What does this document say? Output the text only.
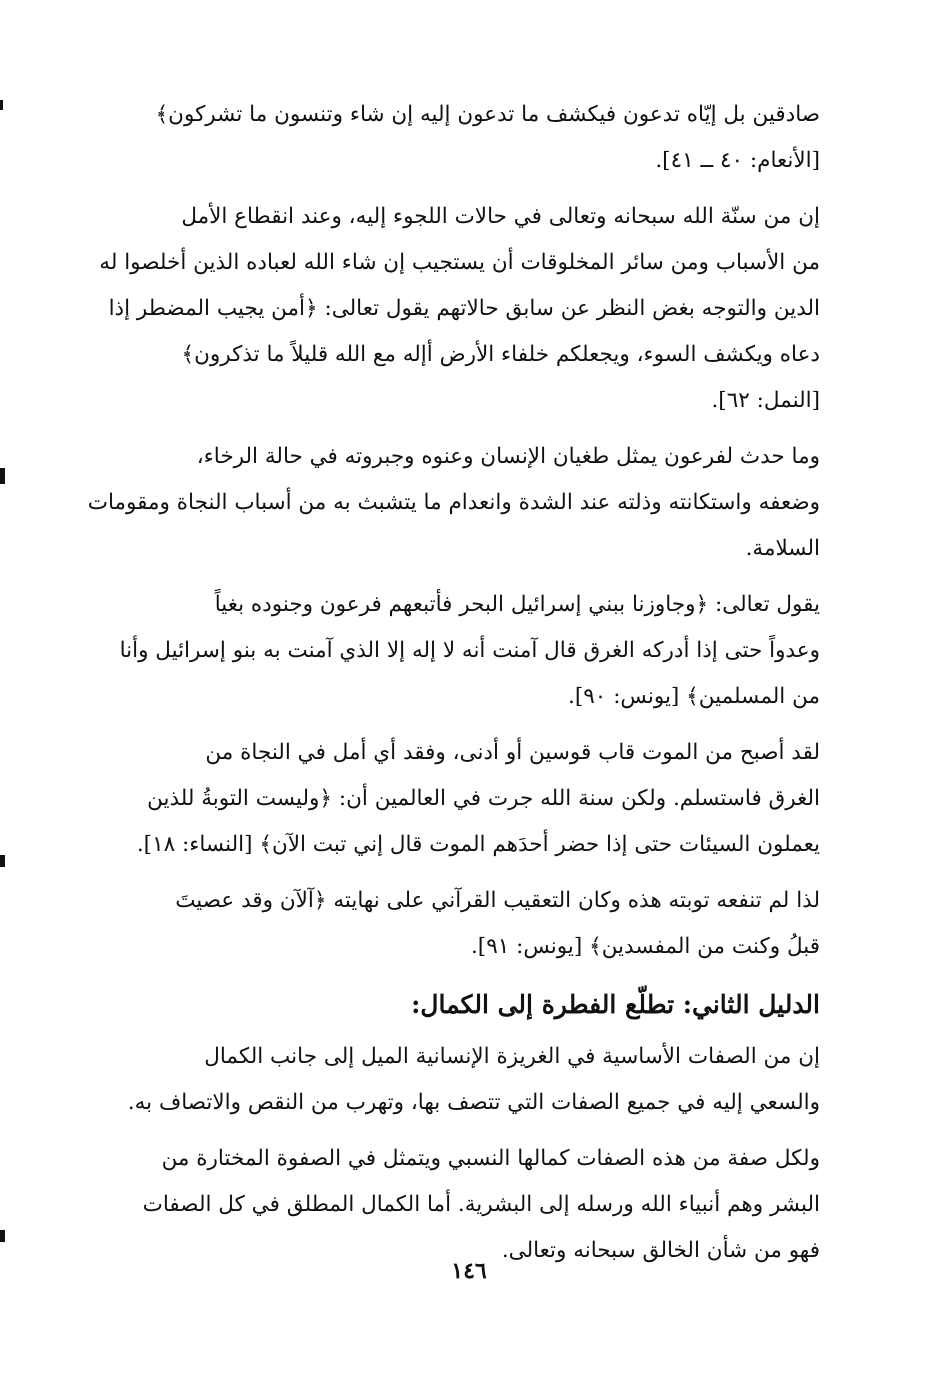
صادقين بل إيّاه تدعون فيكشف ما تدعون إليه إن شاء وتنسون ما تشركون﴾
[الأنعام: ٤٠ ــ ٤١].
إن من سنّة الله سبحانه وتعالى في حالات اللجوء إليه، وعند انقطاع الأمل
من الأسباب ومن سائر المخلوقات أن يستجيب إن شاء الله لعباده الذين أخلصوا له
الدين والتوجه بغض النظر عن سابق حالاتهم يقول تعالى: ﴿أمن يجيب المضطر إذا
دعاه ويكشف السوء، ويجعلكم خلفاء الأرض أإله مع الله قليلاً ما تذكرون﴾
[النمل: ٦٢].
وما حدث لفرعون يمثل طغيان الإنسان وعنوه وجبروته في حالة الرخاء،
وضعفه واستكانته وذلته عند الشدة وانعدام ما يتشبث به من أسباب النجاة ومقومات
السلامة.
يقول تعالى: ﴿وجاوزنا ببني إسرائيل البحر فأتبعهم فرعون وجنوده بغياً
وعدواً حتى إذا أدركه الغرق قال آمنت أنه لا إله إلا الذي آمنت به بنو إسرائيل وأنا
من المسلمين﴾ [يونس: ٩٠].
لقد أصبح من الموت قاب قوسين أو أدنى، وفقد أي أمل في النجاة من
الغرق فاستسلم. ولكن سنة الله جرت في العالمين أن: ﴿وليست التوبةُ للذين
يعملون السيئات حتى إذا حضر أحدَهم الموت قال إني تبت الآن﴾ [النساء: ١٨].
لذا لم تنفعه توبته هذه وكان التعقيب القرآني على نهايته ﴿آلآن وقد عصيتَ
قبلُ وكنت من المفسدين﴾ [يونس: ٩١].
الدليل الثاني: تطلّع الفطرة إلى الكمال:
إن من الصفات الأساسية في الغريزة الإنسانية الميل إلى جانب الكمال
والسعي إليه في جميع الصفات التي تتصف بها، وتهرب من النقص والاتصاف به.
ولكل صفة من هذه الصفات كمالها النسبي ويتمثل في الصفوة المختارة من
البشر وهم أنبياء الله ورسله إلى البشرية. أما الكمال المطلق في كل الصفات
فهو من شأن الخالق سبحانه وتعالى.
١٤٦
